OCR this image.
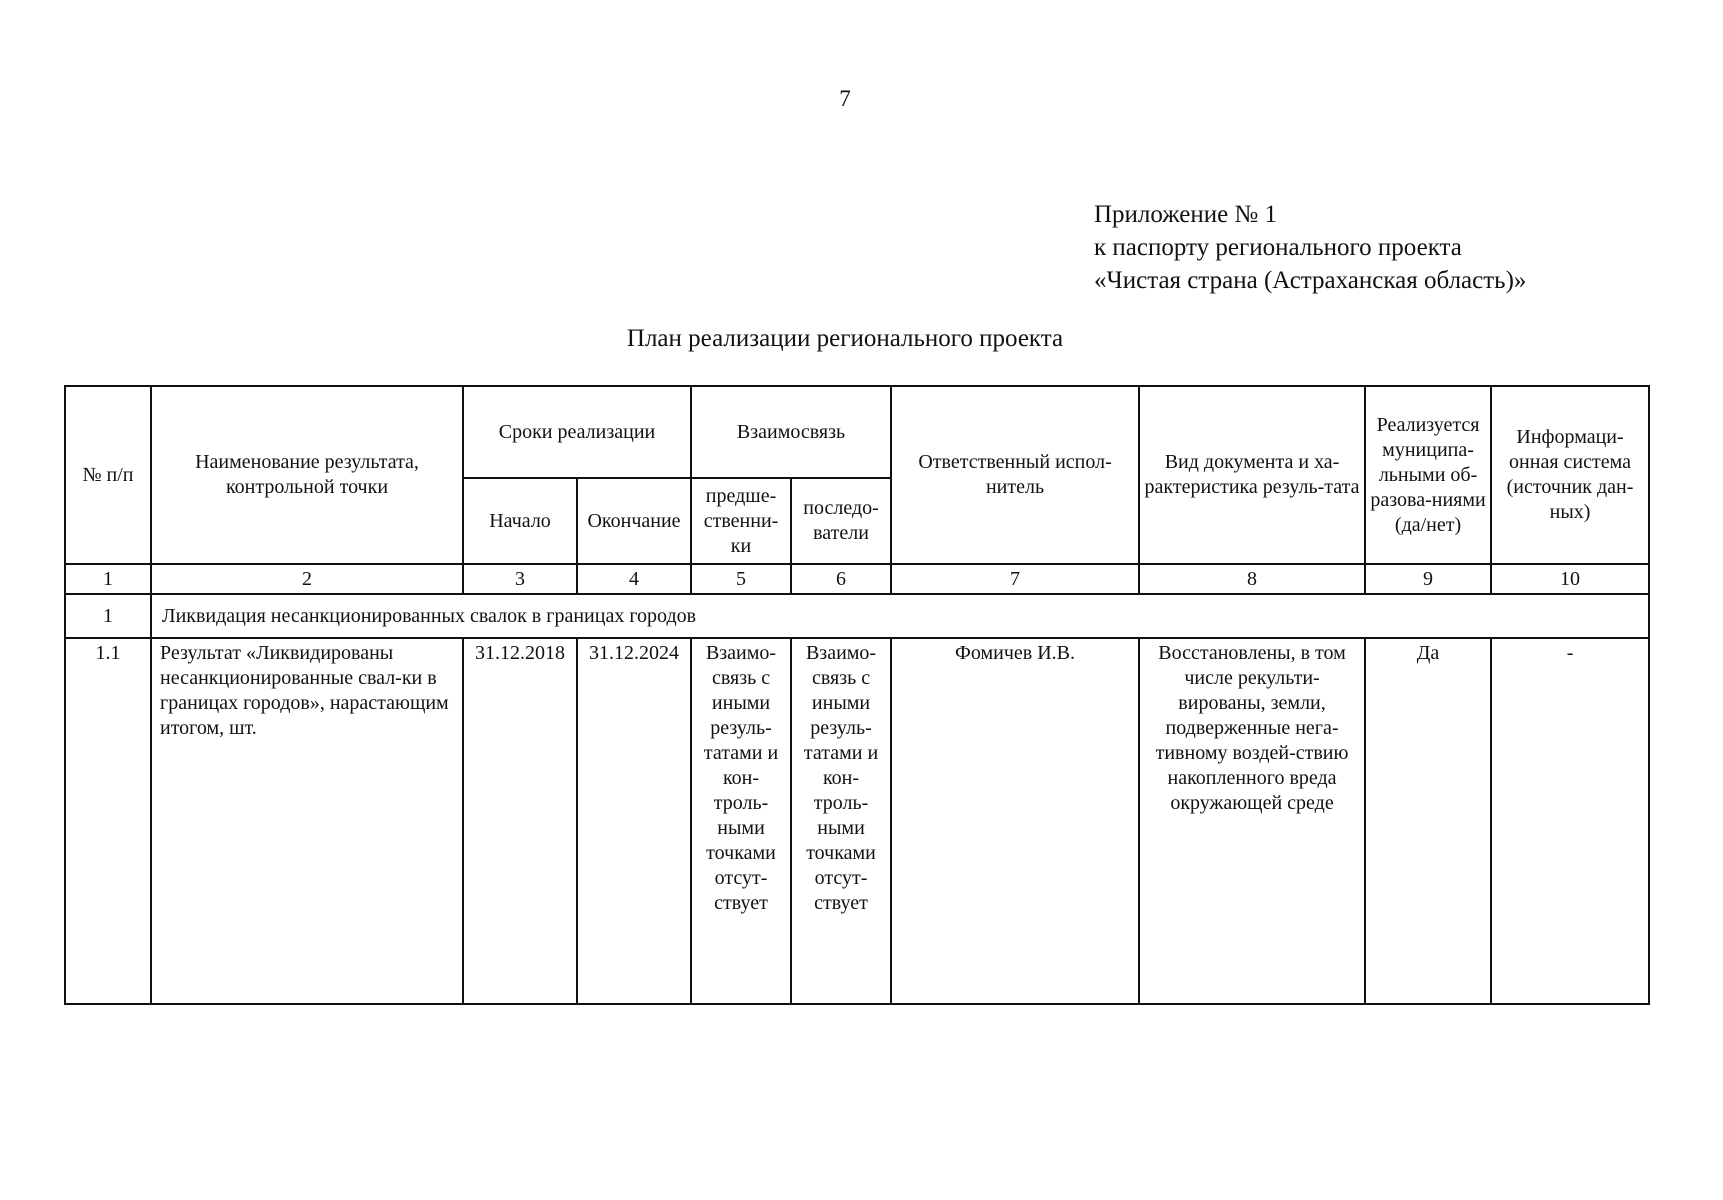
7
Приложение № 1
к паспорту регионального проекта
«Чистая страна (Астраханская область)»
План реализации регионального проекта
№ п/п	Наименование результата, контрольной точки	Сроки реализации		Взаимосвязь		Ответственный испол-нитель	Вид документа и ха-рактеристика резуль-тата	Реализуется муниципа-льными об-разова-ниями (да/нет)	Информаци-онная система (источник дан-ных)
		Начало	Окончание	предше-ственни-ки	последо-ватели				
1	2	3	4	5	6	7	8	9	10
1	Ликвидация несанкционированных свалок в границах городов								
1.1	Результат «Ликвидированы несанкционированные свал-ки в границах городов», нарастающим итогом, шт.	31.12.2018	31.12.2024	Взаимо-связь с иными резуль-татами и кон-троль-ными точками отсут-ствует	Взаимо-связь с иными резуль-татами и кон-троль-ными точками отсут-ствует	Фомичев И.В.	Восстановлены, в том числе рекульти-вированы, земли, подверженные нега-тивному воздей-ствию накопленного вреда окружающей среде	Да	-
